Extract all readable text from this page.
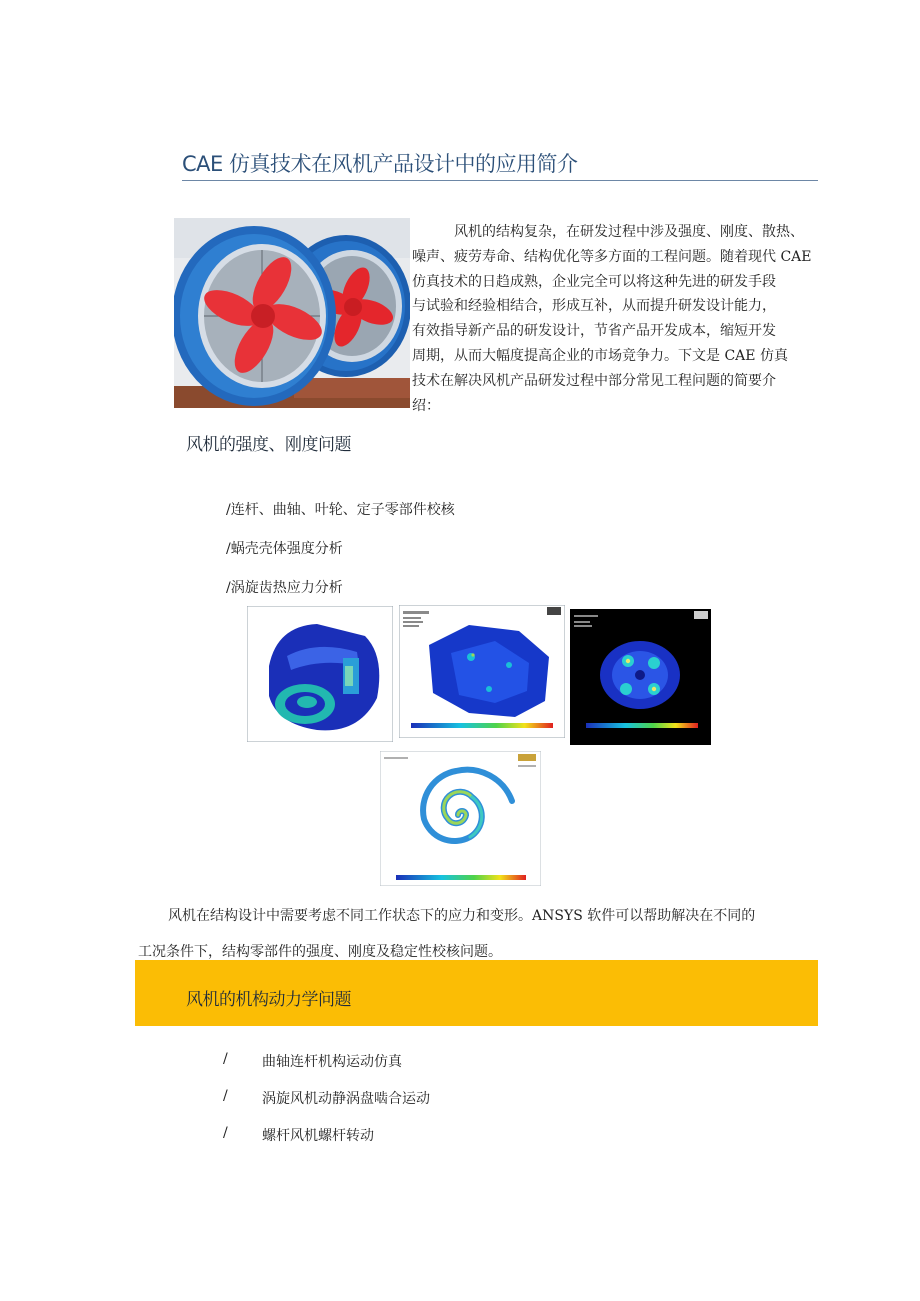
CAE 仿真技术在风机产品设计中的应用简介

风机的结构复杂，在研发过程中涉及强度、刚度、散热、
噪声、疲劳寿命、结构优化等多方面的工程问题。随着现代 CAE
仿真技术的日趋成熟，企业完全可以将这种先进的研发手段
与试验和经验相结合，形成互补，从而提升研发设计能力，
有效指导新产品的研发设计，节省产品开发成本，缩短开发
周期，从而大幅度提高企业的市场竞争力。下文是 CAE 仿真
技术在解决风机产品研发过程中部分常见工程问题的简要介
绍：

风机的强度、刚度问题
/连杆、曲轴、叶轮、定子零部件校核
/蜗壳壳体强度分析
/涡旋齿热应力分析

风机在结构设计中需要考虑不同工作状态下的应力和变形。ANSYS 软件可以帮助解决在不同的
工况条件下，结构零部件的强度、刚度及稳定性校核问题。

风机的机构动力学问题
/ 曲轴连杆机构运动仿真
/ 涡旋风机动静涡盘啮合运动
/ 螺杆风机螺杆转动
